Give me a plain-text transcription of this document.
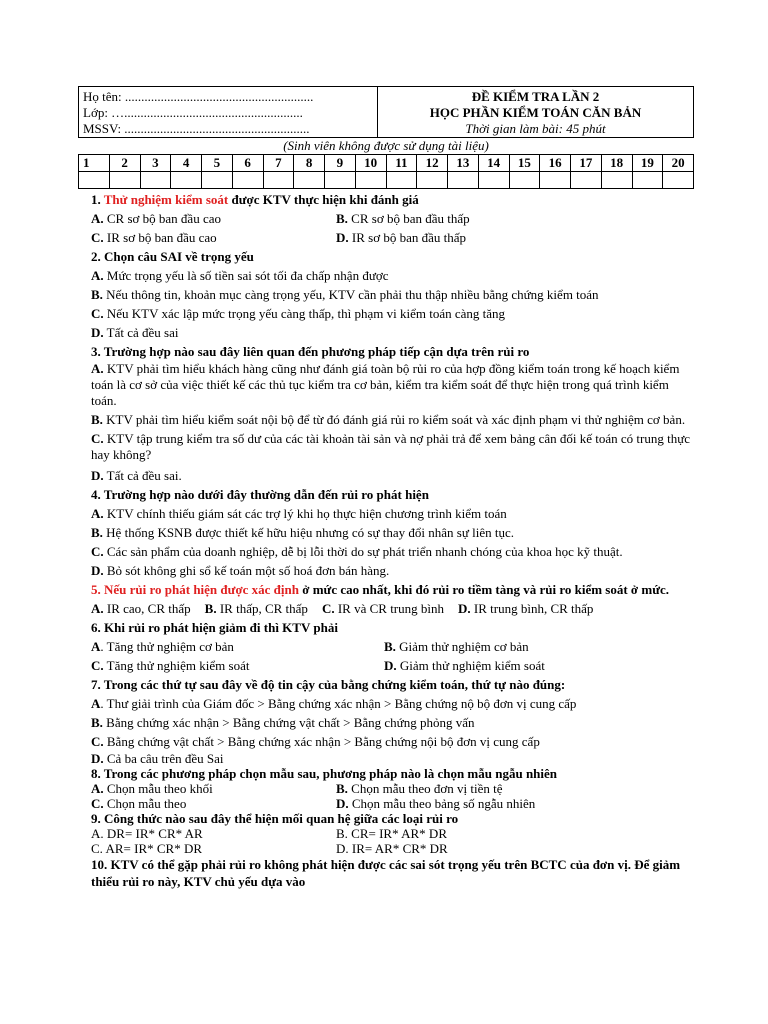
Họ tên: ..........................................................
Lớp: ….......................................................
MSSV: .........................................................

ĐỀ KIỂM TRA LẦN 2
HỌC PHẦN KIỂM TOÁN CĂN BẢN
Thời gian làm bài: 45 phút
(Sinh viên không được sử dụng tài liệu)
1	2	3	4	5	6	7	8	9	10	11	12	13	14	15	16	17	18	19	20

1. Thử nghiệm kiểm soát được KTV thực hiện khi đánh giá
A. CR sơ bộ ban đầu cao	B. CR sơ bộ ban đầu thấp
C. IR sơ bộ ban đầu cao	D. IR sơ bộ ban đầu thấp
2. Chọn câu SAI về trọng yếu
A. Mức trọng yếu là số tiền sai sót tối đa chấp nhận được
B. Nếu thông tin, khoản mục càng trọng yếu, KTV cần phải thu thập nhiều bằng chứng kiểm toán
C. Nếu KTV xác lập mức trọng yếu càng thấp, thì phạm vi kiểm toán càng tăng
D. Tất cả đều sai
3. Trường hợp nào sau đây liên quan đến phương pháp tiếp cận dựa trên rủi ro
A. KTV phải tìm hiểu khách hàng cũng như đánh giá toàn bộ rủi ro của hợp đồng kiểm toán trong kế hoạch kiểm toán là cơ sở của việc thiết kế các thủ tục kiểm tra cơ bản, kiểm tra kiểm soát để thực hiện trong quá trình kiểm toán.
B. KTV phải tìm hiểu kiểm soát nội bộ để từ đó đánh giá rủi ro kiểm soát và xác định phạm vi thử nghiệm cơ bản.
C. KTV tập trung kiểm tra số dư của các tài khoản tài sản và nợ phải trả để xem bảng cân đối kế toán có trung thực hay không?
D. Tất cả đều sai.
4. Trường hợp nào dưới đây thường dẫn đến rủi ro phát hiện
A. KTV chính thiếu giám sát các trợ lý khi họ thực hiện chương trình kiểm toán
B. Hệ thống KSNB được thiết kế hữu hiệu nhưng có sự thay đổi nhân sự liên tục.
C. Các sản phẩm của doanh nghiệp, dễ bị lỗi thời do sự phát triển nhanh chóng của khoa học kỹ thuật.
D. Bỏ sót không ghi sổ kế toán một số hoá đơn bán hàng.
5. Nếu rủi ro phát hiện được xác định ở mức cao nhất, khi đó rủi ro tiềm tàng và rủi ro kiểm soát ở mức.
A. IR cao, CR thấp B. IR thấp, CR thấp C. IR và CR trung bình D. IR trung bình, CR thấp
6. Khi rủi ro phát hiện giảm đi thì KTV phải
A. Tăng thử nghiệm cơ bản	B. Giảm thử nghiệm cơ bản
C. Tăng thử nghiệm kiểm soát	D. Giảm thử nghiệm kiểm soát
7. Trong các thứ tự sau đây về độ tin cậy của bằng chứng kiểm toán, thứ tự nào đúng:
A. Thư giải trình của Giám đốc > Bằng chứng xác nhận > Bằng chứng nộ bộ đơn vị cung cấp
B. Bằng chứng xác nhận > Bằng chứng vật chất > Bằng chứng phỏng vấn
C. Bằng chứng vật chất > Bằng chứng xác nhận > Bằng chứng nội bộ đơn vị cung cấp
D. Cả ba câu trên đều Sai
8. Trong các phương pháp chọn mẫu sau, phương pháp nào là chọn mẫu ngẫu nhiên
A. Chọn mẫu theo khối	B. Chọn mẫu theo đơn vị tiền tệ
C. Chọn mẫu theo	D. Chọn mẫu theo bảng số ngẫu nhiên
9. Công thức nào sau đây thể hiện mối quan hệ giữa các loại rủi ro
A. DR= IR* CR* AR	B. CR= IR* AR* DR
C. AR= IR* CR* DR	D. IR= AR* CR* DR
10. KTV có thể gặp phải rủi ro không phát hiện được các sai sót trọng yếu trên BCTC của đơn vị. Để giảm thiểu rủi ro này, KTV chủ yếu dựa vào
